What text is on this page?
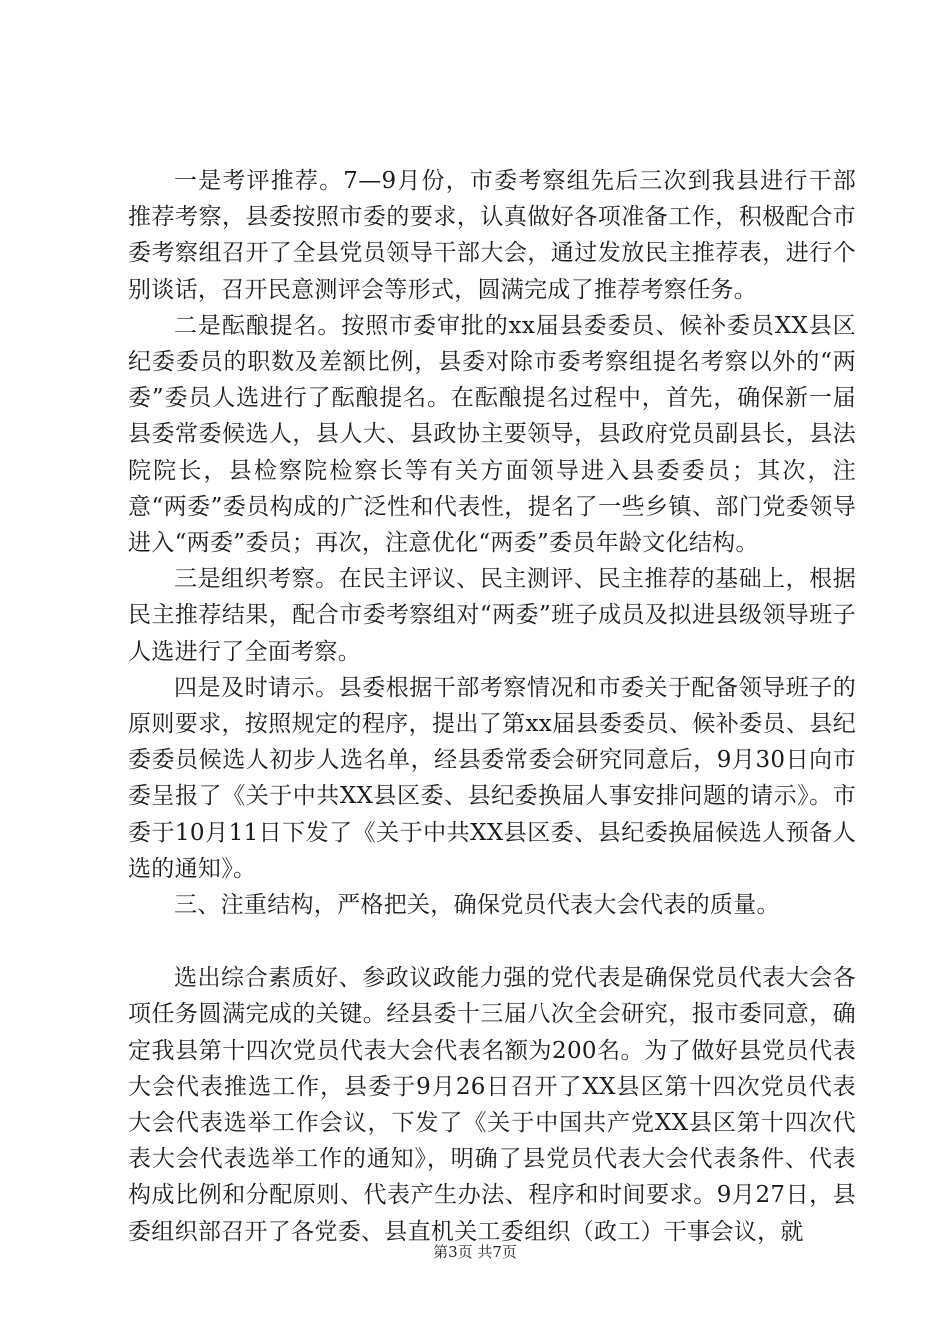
一是考评推荐。7—9月份，市委考察组先后三次到我县进行干部推荐考察，县委按照市委的要求，认真做好各项准备工作，积极配合市委考察组召开了全县党员领导干部大会，通过发放民主推荐表，进行个别谈话，召开民意测评会等形式，圆满完成了推荐考察任务。

二是酝酿提名。按照市委审批的xx届县委委员、候补委员XX县区纪委委员的职数及差额比例，县委对除市委考察组提名考察以外的“两委”委员人选进行了酝酿提名。在酝酿提名过程中，首先，确保新一届县委常委候选人，县人大、县政协主要领导，县政府党员副县长，县法院院长，县检察院检察长等有关方面领导进入县委委员；其次，注意“两委”委员构成的广泛性和代表性，提名了一些乡镇、部门党委领导进入“两委”委员；再次，注意优化“两委”委员年龄文化结构。

三是组织考察。在民主评议、民主测评、民主推荐的基础上，根据民主推荐结果，配合市委考察组对“两委”班子成员及拟进县级领导班子人选进行了全面考察。

四是及时请示。县委根据干部考察情况和市委关于配备领导班子的原则要求，按照规定的程序，提出了第xx届县委委员、候补委员、县纪委委员候选人初步人选名单，经县委常委会研究同意后，9月30日向市委呈报了《关于中共XX县区委、县纪委换届人事安排问题的请示》。市委于10月11日下发了《关于中共XX县区委、县纪委换届候选人预备人选的通知》。

三、注重结构，严格把关，确保党员代表大会代表的质量。

选出综合素质好、参政议政能力强的党代表是确保党员代表大会各项任务圆满完成的关键。经县委十三届八次全会研究，报市委同意，确定我县第十四次党员代表大会代表名额为200名。为了做好县党员代表大会代表推选工作，县委于9月26日召开了XX县区第十四次党员代表大会代表选举工作会议，下发了《关于中国共产党XX县区第十四次代表大会代表选举工作的通知》，明确了县党员代表大会代表条件、代表构成比例和分配原则、代表产生办法、程序和时间要求。9月27日，县委组织部召开了各党委、县直机关工委组织（政工）干事会议，就

第3页 共7页
